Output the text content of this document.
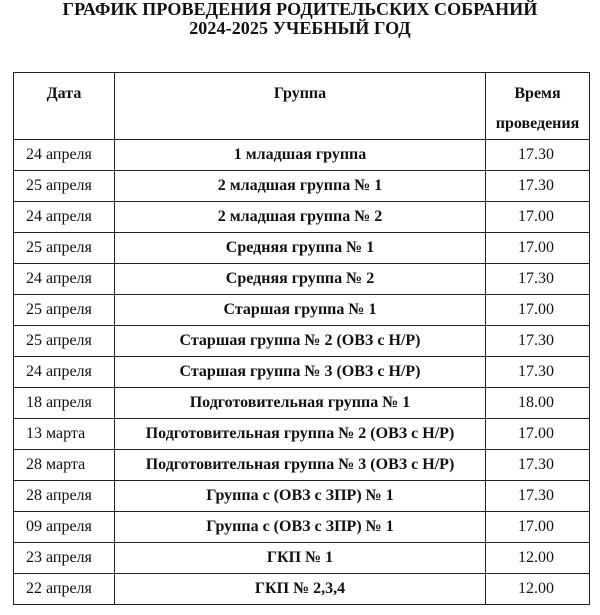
ГРАФИК ПРОВЕДЕНИЯ РОДИТЕЛЬСКИХ СОБРАНИЙ
2024-2025 УЧЕБНЫЙ ГОД
Дата	Группа	Время
проведения

24 апреля	1 младшая группа	17.30
25 апреля	2 младшая группа № 1	17.30
24 апреля	2 младшая группа № 2	17.00
25 апреля	Средняя группа № 1	17.00
24 апреля	Средняя группа № 2	17.30
25 апреля	Старшая группа № 1	17.00
25 апреля	Старшая группа № 2 (ОВЗ с Н/Р)	17.30
24 апреля	Старшая группа № 3 (ОВЗ с Н/Р)	17.30
18 апреля	Подготовительная группа № 1	18.00
13 марта	Подготовительная группа № 2 (ОВЗ с Н/Р)	17.00
28 марта	Подготовительная группа № 3 (ОВЗ с Н/Р)	17.30
28 апреля	Группа с (ОВЗ с ЗПР) № 1	17.30
09 апреля	Группа с (ОВЗ с ЗПР) № 1	17.00
23 апреля	ГКП № 1	12.00
22 апреля	ГКП № 2,3,4	12.00
